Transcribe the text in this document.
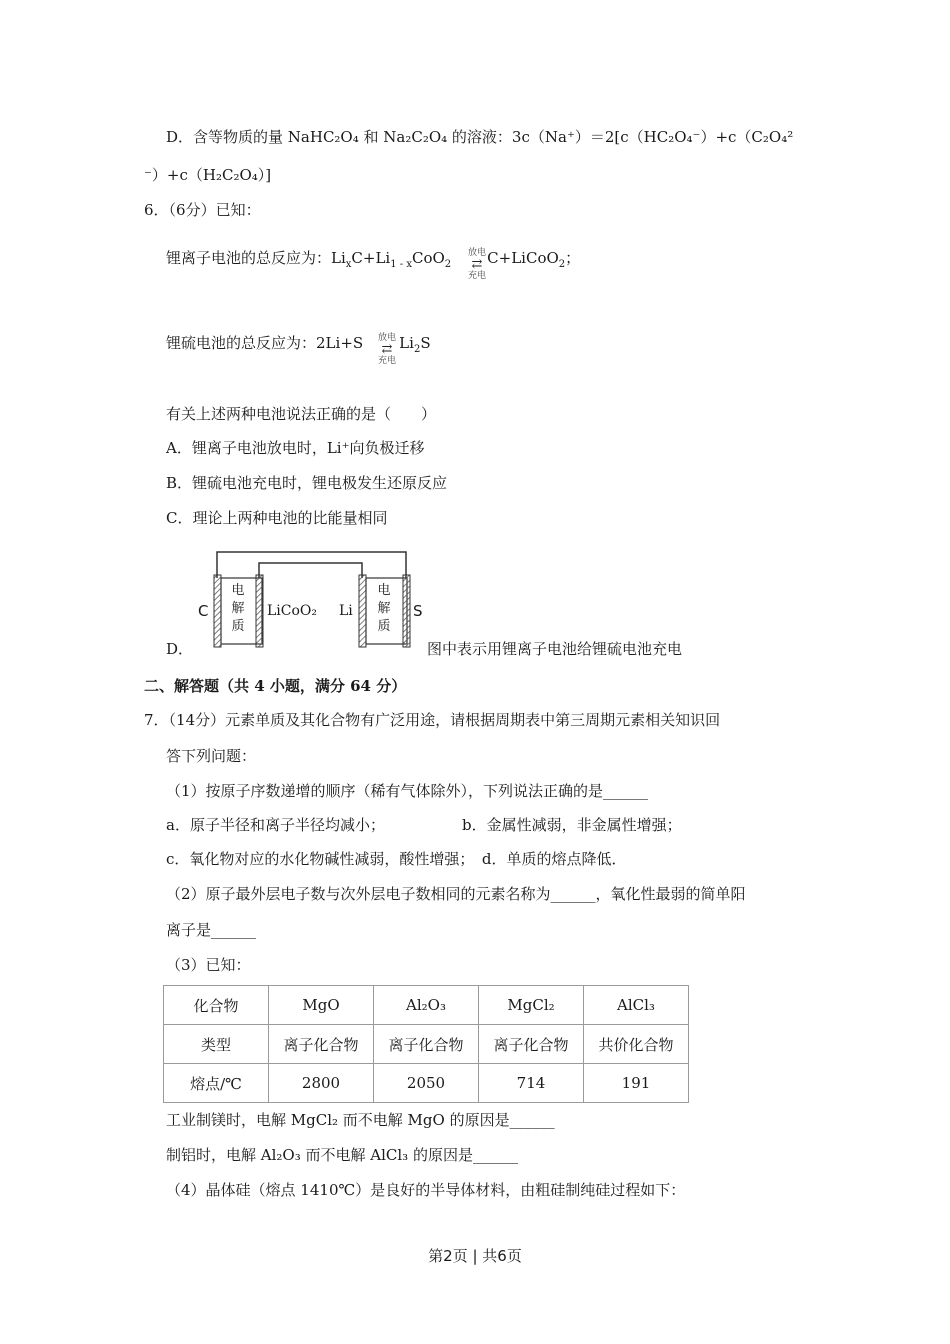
D．含等物质的量 NaHC₂O₄ 和 Na₂C₂O₄ 的溶液：3c（Na⁺）＝2[c（HC₂O₄⁻）+c（C₂O₄²
⁻）+c（H₂C₂O₄）]
6．（6分）已知：
锂离子电池的总反应为：$Li_xC+Li_{1 - x}CoO_2$ C+LiCoO$_2$；
放电
⇄
充电
锂硫电池的总反应为：2Li+S $Li_2S$
放电
⇄
充电
有关上述两种电池说法正确的是（　　）
A．锂离子电池放电时，Li⁺向负极迁移
B．锂硫电池充电时，锂电极发生还原反应
C．理论上两种电池的比能量相同
C
电解质
LiCoO₂ Li
电解质
S
D．	图中表示用锂离子电池给锂硫电池充电
二、解答题（共 4 小题，满分 64 分）
7．（14分）元素单质及其化合物有广泛用途，请根据周期表中第三周期元素相关知识回
答下列问题：
（1）按原子序数递增的顺序（稀有气体除外），下列说法正确的是______
a．原子半径和离子半径均减小；	b．金属性减弱，非金属性增强；
c．氧化物对应的水化物碱性减弱，酸性增强；　d．单质的熔点降低．
（2）原子最外层电子数与次外层电子数相同的元素名称为______，氧化性最弱的简单阳
离子是______
（3）已知：
化合物	MgO	Al₂O₃	MgCl₂	AlCl₃
类型	离子化合物	离子化合物	离子化合物	共价化合物
熔点/℃	2800	2050	714	191
工业制镁时，电解 MgCl₂ 而不电解 MgO 的原因是______
制铝时，电解 Al₂O₃ 而不电解 AlCl₃ 的原因是______
（4）晶体硅（熔点 1410℃）是良好的半导体材料，由粗硅制纯硅过程如下：
第2页 | 共6页
